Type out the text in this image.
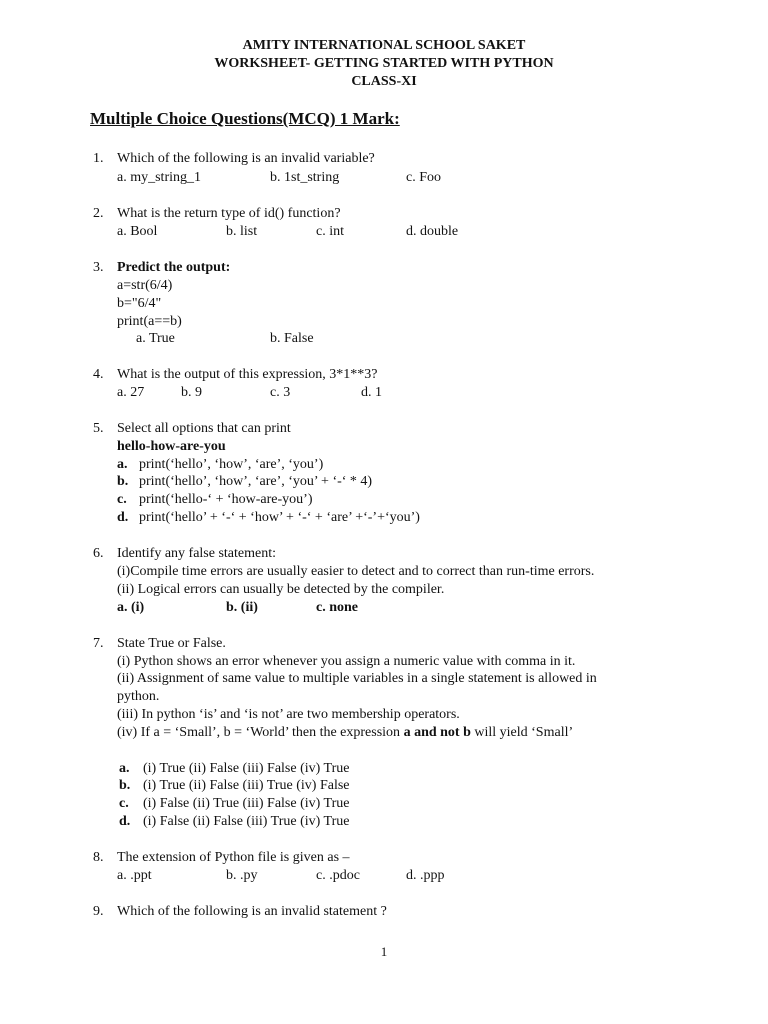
AMITY INTERNATIONAL SCHOOL SAKET
WORKSHEET- GETTING STARTED WITH PYTHON
CLASS-XI
Multiple Choice Questions(MCQ) 1 Mark:
1. Which of the following is an invalid variable?
a. my_string_1	b. 1st_string	c. Foo
2. What is the return type of id() function?
a. Bool	b. list	c. int	d. double
3. Predict the output:
a=str(6/4)
b="6/4"
print(a==b)
a. True	b. False
4. What is the output of this expression, 3*1**3?
a. 27	b. 9	c. 3	d. 1
5. Select all options that can print
hello-how-are-you
a. print(‘hello’, ‘how’, ‘are’, ‘you’)
b. print(‘hello’, ‘how’, ‘are’, ‘you’ + ‘-‘ * 4)
c. print(‘hello-‘ + ‘how-are-you’)
d. print(‘hello’ + ‘-‘ + ‘how’ + ‘-‘ + ‘are’ +‘-’+‘you’)
6. Identify any false statement:
(i)Compile time errors are usually easier to detect and to correct than run-time errors.
(ii) Logical errors can usually be detected by the compiler.
a. (i)	b. (ii)	c. none
7. State True or False.
(i) Python shows an error whenever you assign a numeric value with comma in it.
(ii) Assignment of same value to multiple variables in a single statement is allowed in
python.
(iii) In python ‘is’ and ‘is not’ are two membership operators.
(iv) If a = ‘Small’, b = ‘World’ then the expression a and not b will yield ‘Small’
a. (i) True (ii) False (iii) False (iv) True
b. (i) True (ii) False (iii) True (iv) False
c. (i) False (ii) True (iii) False (iv) True
d. (i) False (ii) False (iii) True (iv) True
8. The extension of Python file is given as –
a. .ppt	b. .py	c. .pdoc	d. .ppp
9. Which of the following is an invalid statement ?
1
